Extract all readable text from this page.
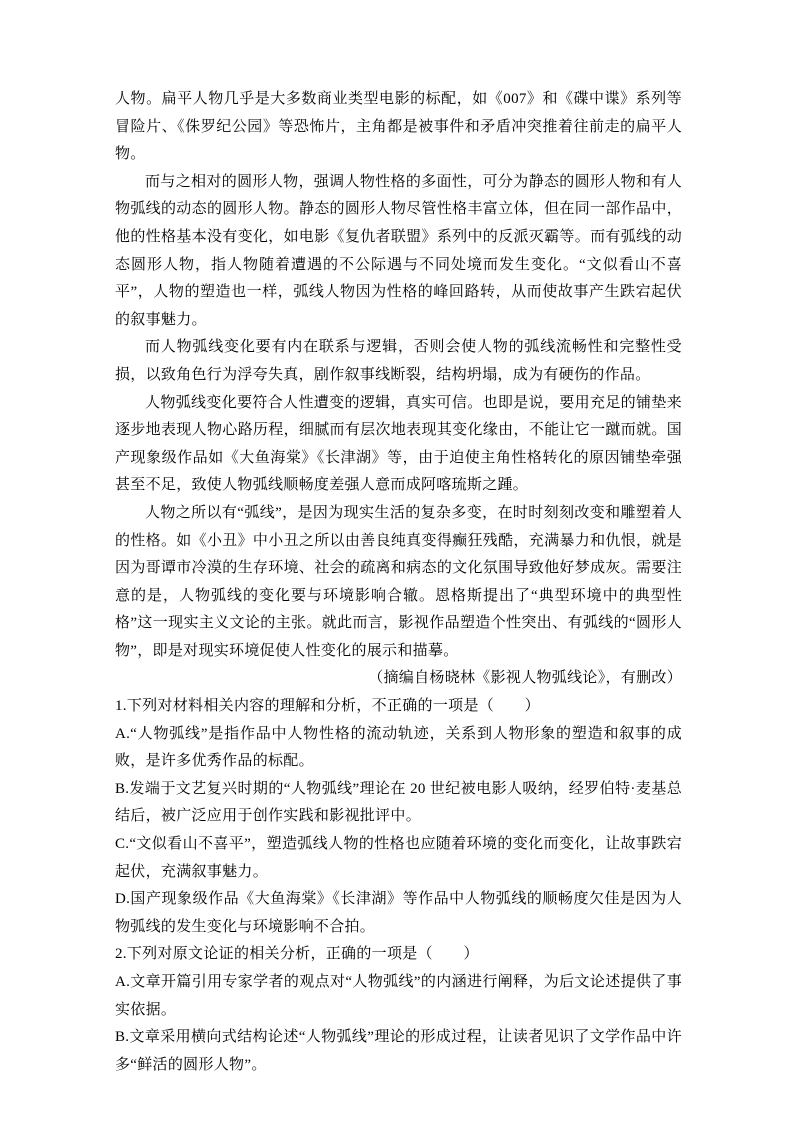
人物。扁平人物几乎是大多数商业类型电影的标配，如《007》和《碟中谍》系列等冒险片、《侏罗纪公园》等恐怖片，主角都是被事件和矛盾冲突推着往前走的扁平人物。

而与之相对的圆形人物，强调人物性格的多面性，可分为静态的圆形人物和有人物弧线的动态的圆形人物。静态的圆形人物尽管性格丰富立体，但在同一部作品中，他的性格基本没有变化，如电影《复仇者联盟》系列中的反派灭霸等。而有弧线的动态圆形人物，指人物随着遭遇的不公际遇与不同处境而发生变化。“文似看山不喜平”，人物的塑造也一样，弧线人物因为性格的峰回路转，从而使故事产生跌宕起伏的叙事魅力。

而人物弧线变化要有内在联系与逻辑，否则会使人物的弧线流畅性和完整性受损，以致角色行为浮夸失真，剧作叙事线断裂，结构坍塌，成为有硬伤的作品。

人物弧线变化要符合人性遭变的逻辑，真实可信。也即是说，要用充足的铺垫来逐步地表现人物心路历程，细腻而有层次地表现其变化缘由，不能让它一蹴而就。国产现象级作品如《大鱼海棠》《长津湖》等，由于迫使主角性格转化的原因铺垫牵强甚至不足，致使人物弧线顺畅度差强人意而成阿喀琉斯之踵。

人物之所以有“弧线”，是因为现实生活的复杂多变，在时时刻刻改变和雕塑着人的性格。如《小丑》中小丑之所以由善良纯真变得癫狂残酷，充满暴力和仇恨，就是因为哥谭市冷漠的生存环境、社会的疏离和病态的文化氛围导致他好梦成灰。需要注意的是，人物弧线的变化要与环境影响合辙。恩格斯提出了“典型环境中的典型性格”这一现实主义文论的主张。就此而言，影视作品塑造个性突出、有弧线的“圆形人物”，即是对现实环境促使人性变化的展示和描摹。

（摘编自杨晓林《影视人物弧线论》，有删改）

1.下列对材料相关内容的理解和分析，不正确的一项是（　　）

A.“人物弧线”是指作品中人物性格的流动轨迹，关系到人物形象的塑造和叙事的成败，是许多优秀作品的标配。

B.发端于文艺复兴时期的“人物弧线”理论在 20 世纪被电影人吸纳，经罗伯特·麦基总结后，被广泛应用于创作实践和影视批评中。

C.“文似看山不喜平”，塑造弧线人物的性格也应随着环境的变化而变化，让故事跌宕起伏，充满叙事魅力。

D.国产现象级作品《大鱼海棠》《长津湖》等作品中人物弧线的顺畅度欠佳是因为人物弧线的发生变化与环境影响不合拍。

2.下列对原文论证的相关分析，正确的一项是（　　）

A.文章开篇引用专家学者的观点对“人物弧线”的内涵进行阐释，为后文论述提供了事实依据。

B.文章采用横向式结构论述“人物弧线”理论的形成过程，让读者见识了文学作品中许多“鲜活的圆形人物”。
